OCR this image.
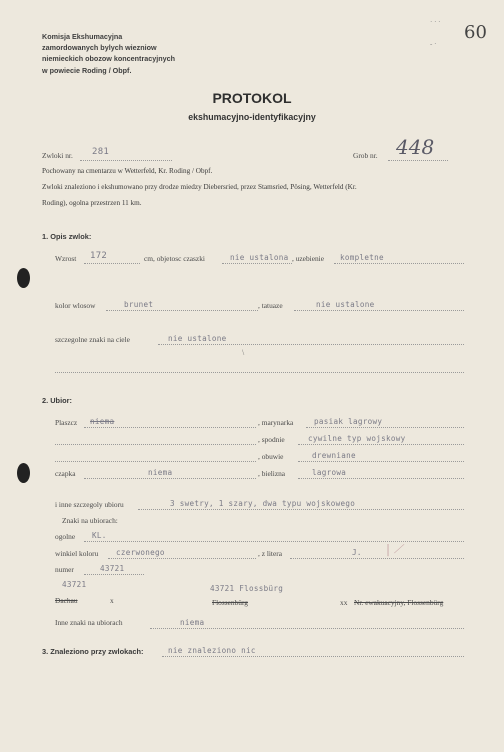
Komisja Ekshumacyjna
zamordowanych bylych wiezniow
niemieckich obozow koncentracyjnych
w powiecie Roding / Obpf.
60
· · ·
- ·
PROTOKOL
ekshumacyjno-identyfikacyjny
Zwloki nr. 281	Grob nr. 448
Pochowany na cmentarzu w Wetterfeld, Kr. Roding / Obpf.
Zwloki znaleziono i ekshumowano przy drodze miedzy Diebersried, przez Stamsried, Pösing, Wetterfeld (Kr.
Roding), ogolna przestrzen 11 km.
1. Opis zwlok:
Wzrost 172	cm, objetosc czaszki	nie ustalona , uzebienie kompletne
kolor wlosow	brunet	, tatuaze	nie ustalone
szczegolne znaki na ciele	nie ustalone
\
2. Ubior:
Plaszcz niema	, marynarka	pasiak lagrowy
, spodnie	cywilne typ wojskowy
, obuwie	drewniane
czapka	niema	, bielizna	lagrowa
i inne szczegoly ubioru	3 swetry, 1 szary, dwa typu wojskowego
Znaki na ubiorach:
ogolne KL.
winkiel koloru czerwonego	, z litera	J. | ⟋
numer	43721
43721	43721 Flossbürg
Dachau	x	Flossenbürg	xx Nr. ewakuacyjny, Flossenbürg
Inne znaki na ubiorach	niema
3. Znaleziono przy zwlokach:	nie znaleziono nic
